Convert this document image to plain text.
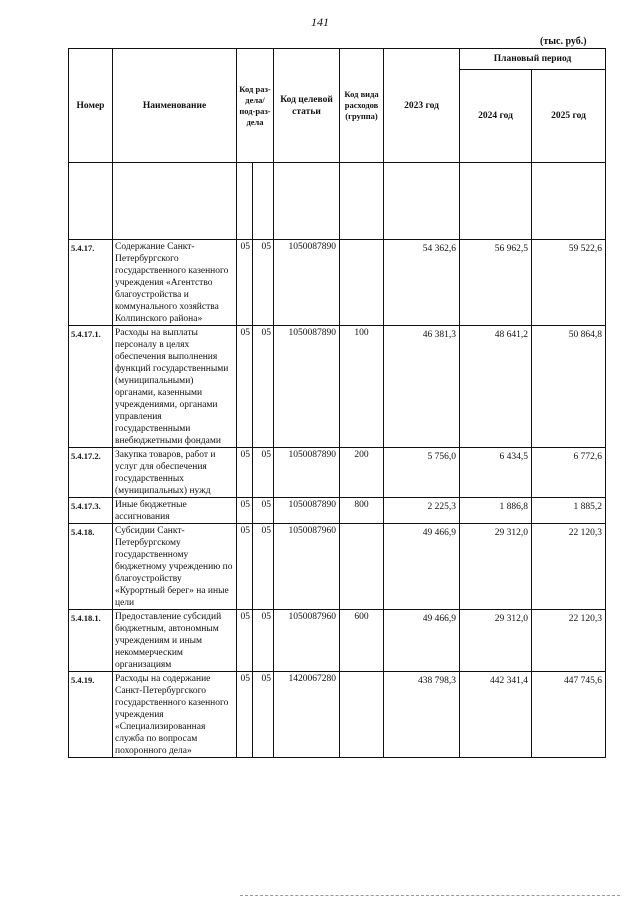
141
(тыс. руб.)
Номер	Наименование	Код раз-дела/ под-раз-дела		Код целевой статьи	Код вида расходов (группа)	2023 год	Плановый период	
							2024 год	2025 год

5.4.17.	Содержание Санкт-Петербургского государственного казенного учреждения «Агентство благоустройства и коммунального хозяйства Колпинского района»	05	05	1050087890		54 362,6	56 962,5	59 522,6
5.4.17.1.	Расходы на выплаты персоналу в целях обеспечения выполнения функций государственными (муниципальными) органами, казенными учреждениями, органами управления государственными внебюджетными фондами	05	05	1050087890	100	46 381,3	48 641,2	50 864,8
5.4.17.2.	Закупка товаров, работ и услуг для обеспечения государственных (муниципальных) нужд	05	05	1050087890	200	5 756,0	6 434,5	6 772,6
5.4.17.3.	Иные бюджетные ассигнования	05	05	1050087890	800	2 225,3	1 886,8	1 885,2
5.4.18.	Субсидии Санкт-Петербургскому государственному бюджетному учреждению по благоустройству «Курортный берег» на иные цели	05	05	1050087960		49 466,9	29 312,0	22 120,3
5.4.18.1.	Предоставление субсидий бюджетным, автономным учреждениям и иным некоммерческим организациям	05	05	1050087960	600	49 466,9	29 312,0	22 120,3
5.4.19.	Расходы на содержание Санкт-Петербургского государственного казенного учреждения «Специализированная служба по вопросам похоронного дела»	05	05	1420067280		438 798,3	442 341,4	447 745,6
